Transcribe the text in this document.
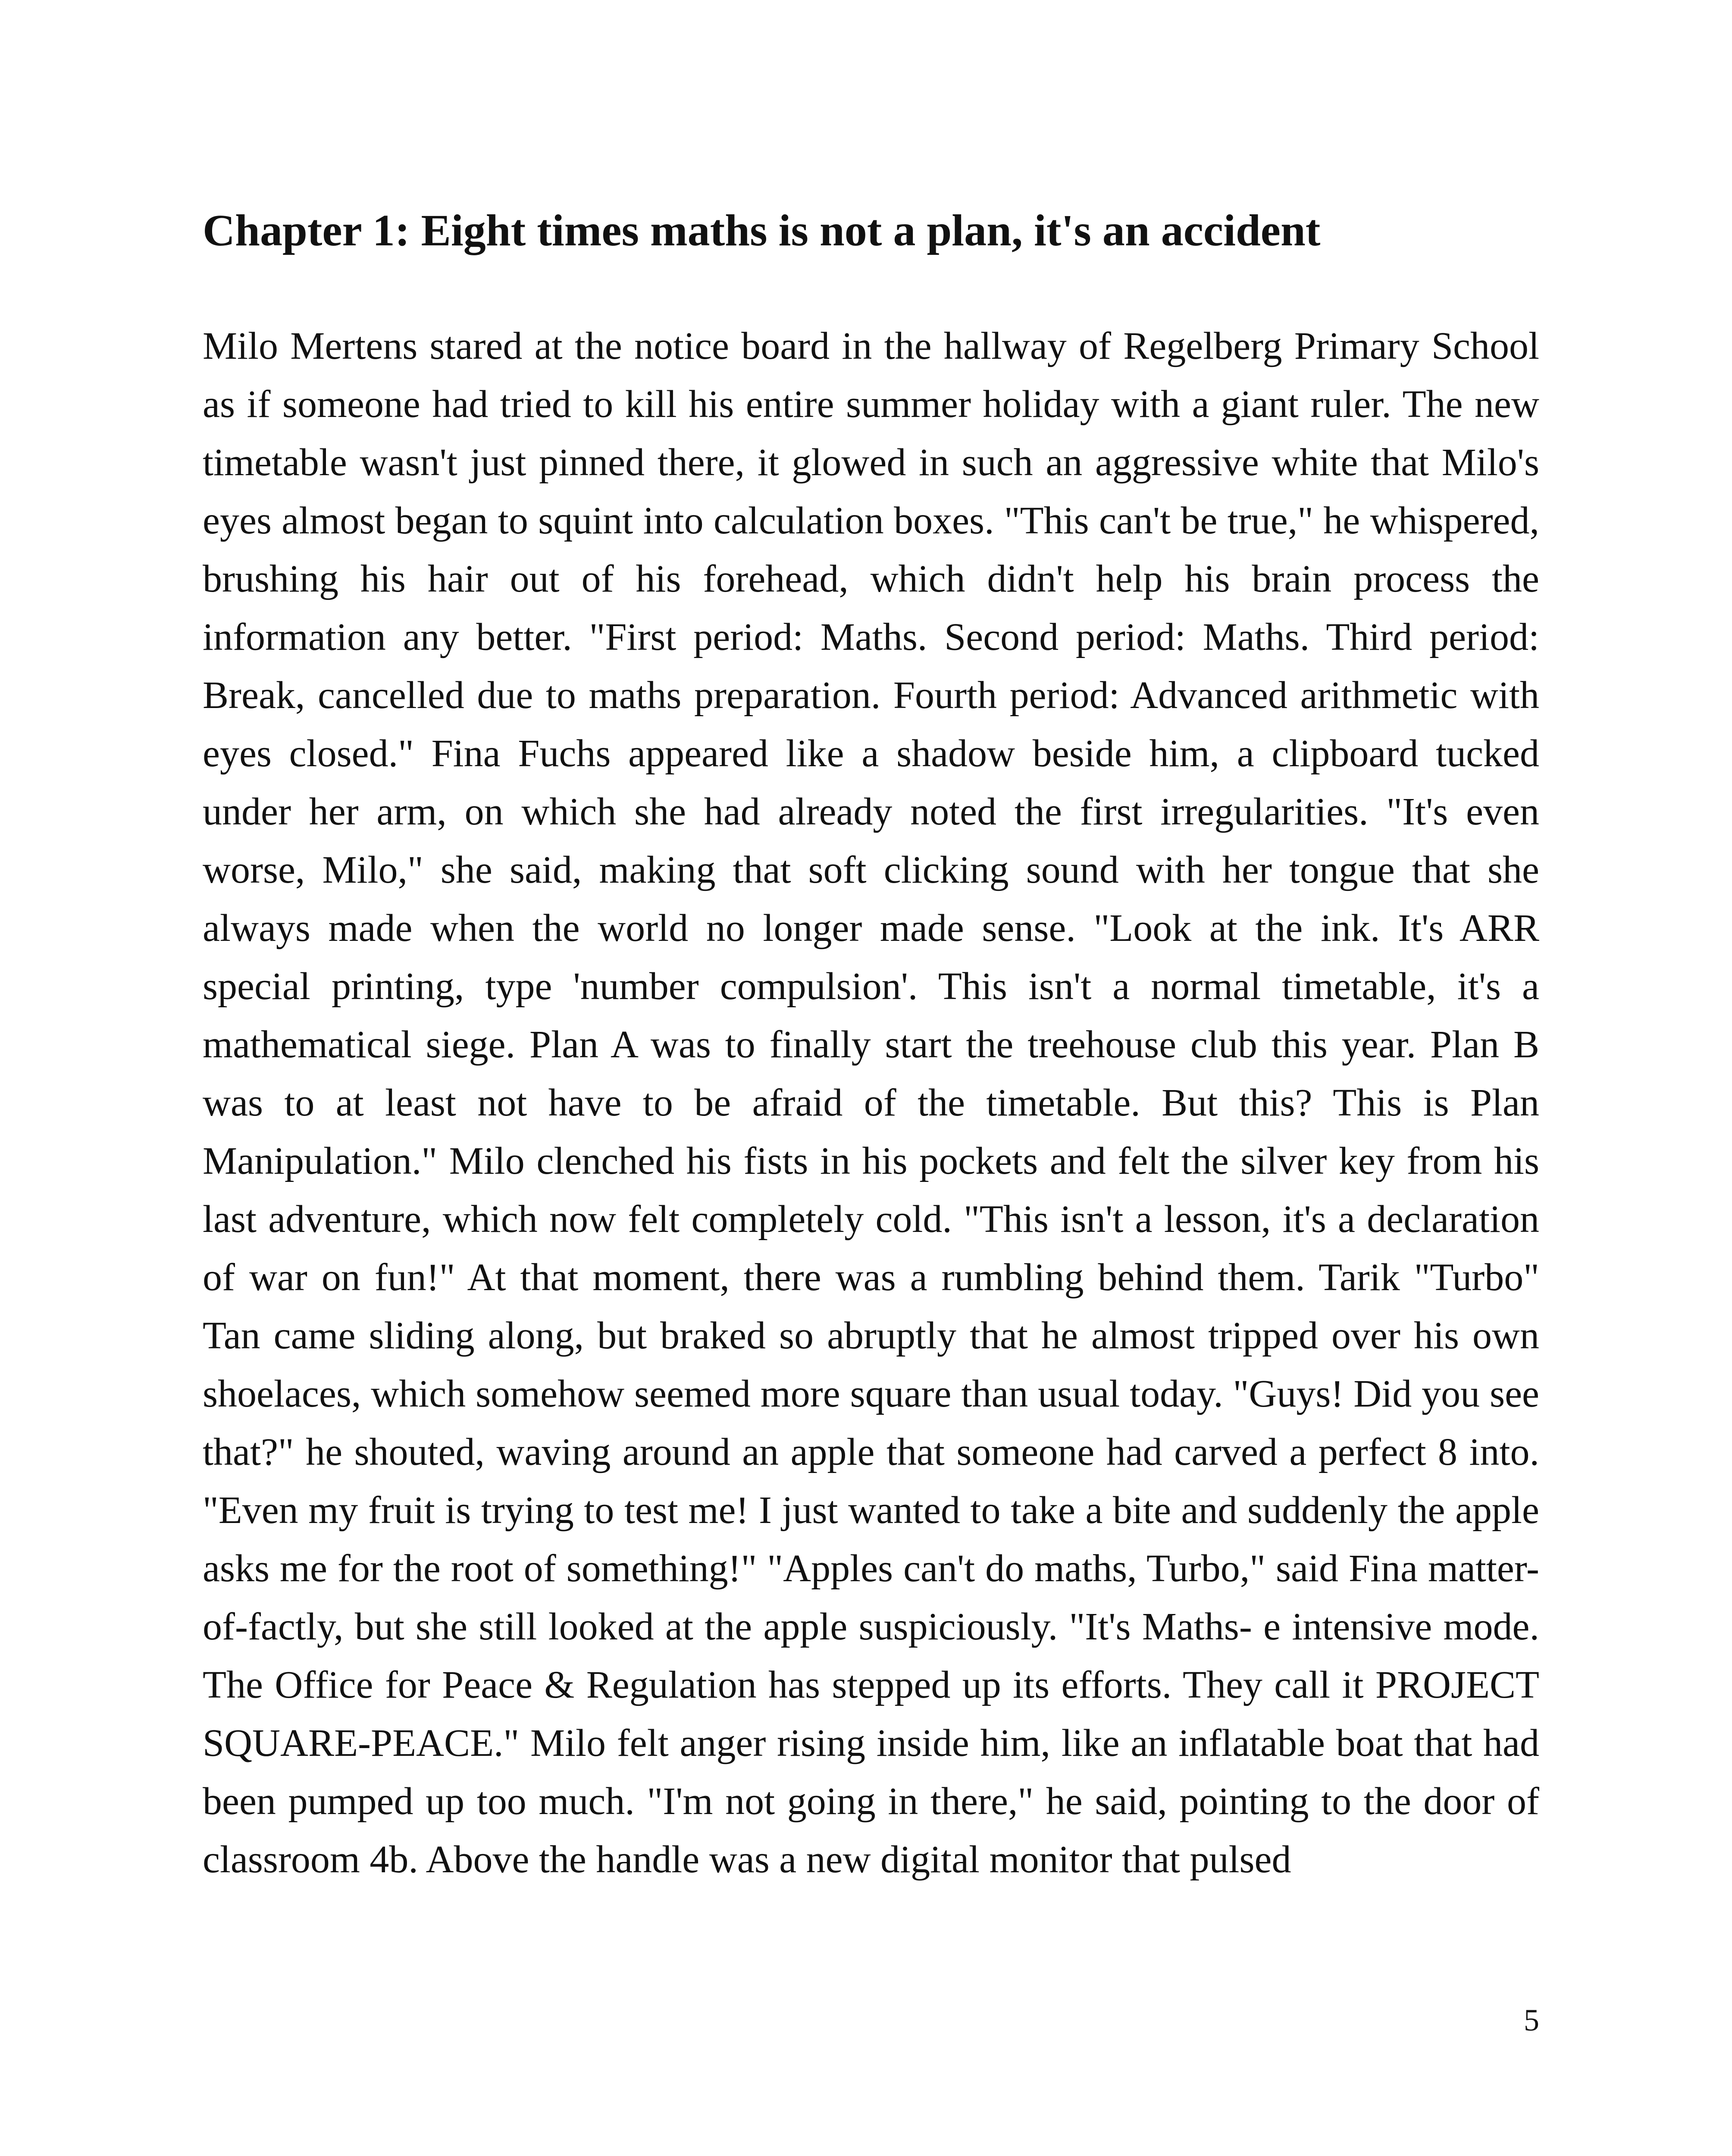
Chapter 1: Eight times maths is not a plan, it's an accident

Milo Mertens stared at the notice board in the hallway of Regelberg Primary School as if someone had tried to kill his entire summer holiday with a giant ruler. The new timetable wasn't just pinned there, it glowed in such an aggressive white that Milo's eyes almost began to squint into calculation boxes. "This can't be true," he whispered, brushing his hair out of his forehead, which didn't help his brain process the information any better. "First period: Maths. Second period: Maths. Third period: Break, cancelled due to maths preparation. Fourth period: Advanced arithmetic with eyes closed." Fina Fuchs appeared like a shadow beside him, a clipboard tucked under her arm, on which she had already noted the first irregularities. "It's even worse, Milo," she said, making that soft clicking sound with her tongue that she always made when the world no longer made sense. "Look at the ink. It's ARR special printing, type 'number compulsion'. This isn't a normal timetable, it's a mathematical siege. Plan A was to finally start the treehouse club this year. Plan B was to at least not have to be afraid of the timetable. But this? This is Plan Manipulation." Milo clenched his fists in his pockets and felt the silver key from his last adventure, which now felt completely cold. "This isn't a lesson, it's a declaration of war on fun!" At that moment, there was a rumbling behind them. Tarik "Turbo" Tan came sliding along, but braked so abruptly that he almost tripped over his own shoelaces, which somehow seemed more square than usual today. "Guys! Did you see that?" he shouted, waving around an apple that someone had carved a perfect 8 into. "Even my fruit is trying to test me! I just wanted to take a bite and suddenly the apple asks me for the root of something!" "Apples can't do maths, Turbo," said Fina matter-of-factly, but she still looked at the apple suspiciously. "It's Maths- e intensive mode. The Office for Peace & Regulation has stepped up its efforts. They call it PROJECT SQUARE-PEACE." Milo felt anger rising inside him, like an inflatable boat that had been pumped up too much. "I'm not going in there," he said, pointing to the door of classroom 4b. Above the handle was a new digital monitor that pulsed

5
